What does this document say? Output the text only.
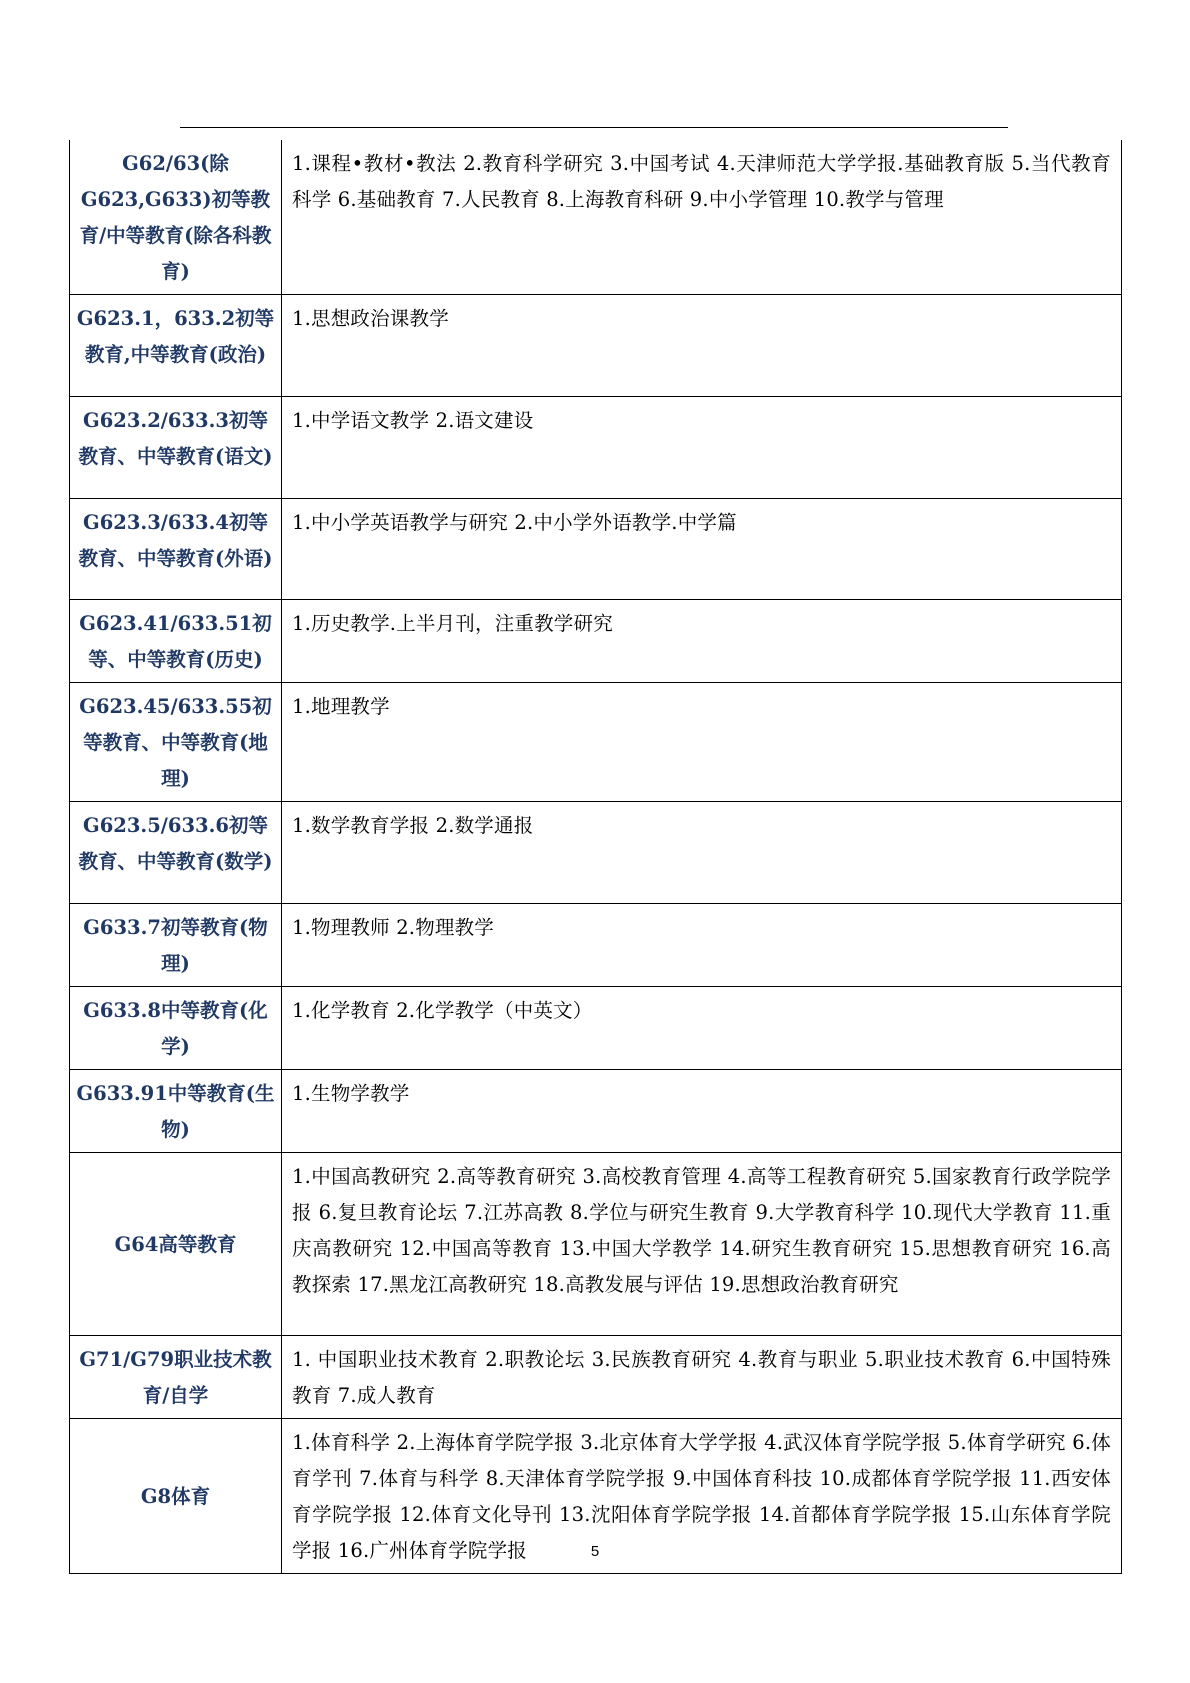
G62/63(除G623,G633)初等教育/中等教育(除各科教育)	1.课程•教材•教法 2.教育科学研究 3.中国考试 4.天津师范大学学报.基础教育版 5.当代教育科学 6.基础教育 7.人民教育 8.上海教育科研 9.中小学管理 10.教学与管理
G623.1，633.2初等教育,中等教育(政治)	1.思想政治课教学
G623.2/633.3初等教育、中等教育(语文)	1.中学语文教学 2.语文建设
G623.3/633.4初等教育、中等教育(外语)	1.中小学英语教学与研究 2.中小学外语教学.中学篇
G623.41/633.51初等、中等教育(历史)	1.历史教学.上半月刊，注重教学研究
G623.45/633.55初等教育、中等教育(地理)	1.地理教学
G623.5/633.6初等教育、中等教育(数学)	1.数学教育学报 2.数学通报
G633.7初等教育(物理)	1.物理教师 2.物理教学
G633.8中等教育(化学)	1.化学教育 2.化学教学（中英文）
G633.91中等教育(生物)	1.生物学教学
G64高等教育	1.中国高教研究 2.高等教育研究 3.高校教育管理 4.高等工程教育研究 5.国家教育行政学院学报 6.复旦教育论坛 7.江苏高教 8.学位与研究生教育 9.大学教育科学 10.现代大学教育 11.重庆高教研究 12.中国高等教育 13.中国大学教学 14.研究生教育研究 15.思想教育研究 16.高教探索 17.黑龙江高教研究 18.高教发展与评估 19.思想政治教育研究
G71/G79职业技术教育/自学	1. 中国职业技术教育 2.职教论坛 3.民族教育研究 4.教育与职业 5.职业技术教育 6.中国特殊教育 7.成人教育
G8体育	1.体育科学 2.上海体育学院学报 3.北京体育大学学报 4.武汉体育学院学报 5.体育学研究 6.体育学刊 7.体育与科学 8.天津体育学院学报 9.中国体育科技 10.成都体育学院学报 11.西安体育学院学报 12.体育文化导刊 13.沈阳体育学院学报 14.首都体育学院学报 15.山东体育学院学报 16.广州体育学院学报	5
